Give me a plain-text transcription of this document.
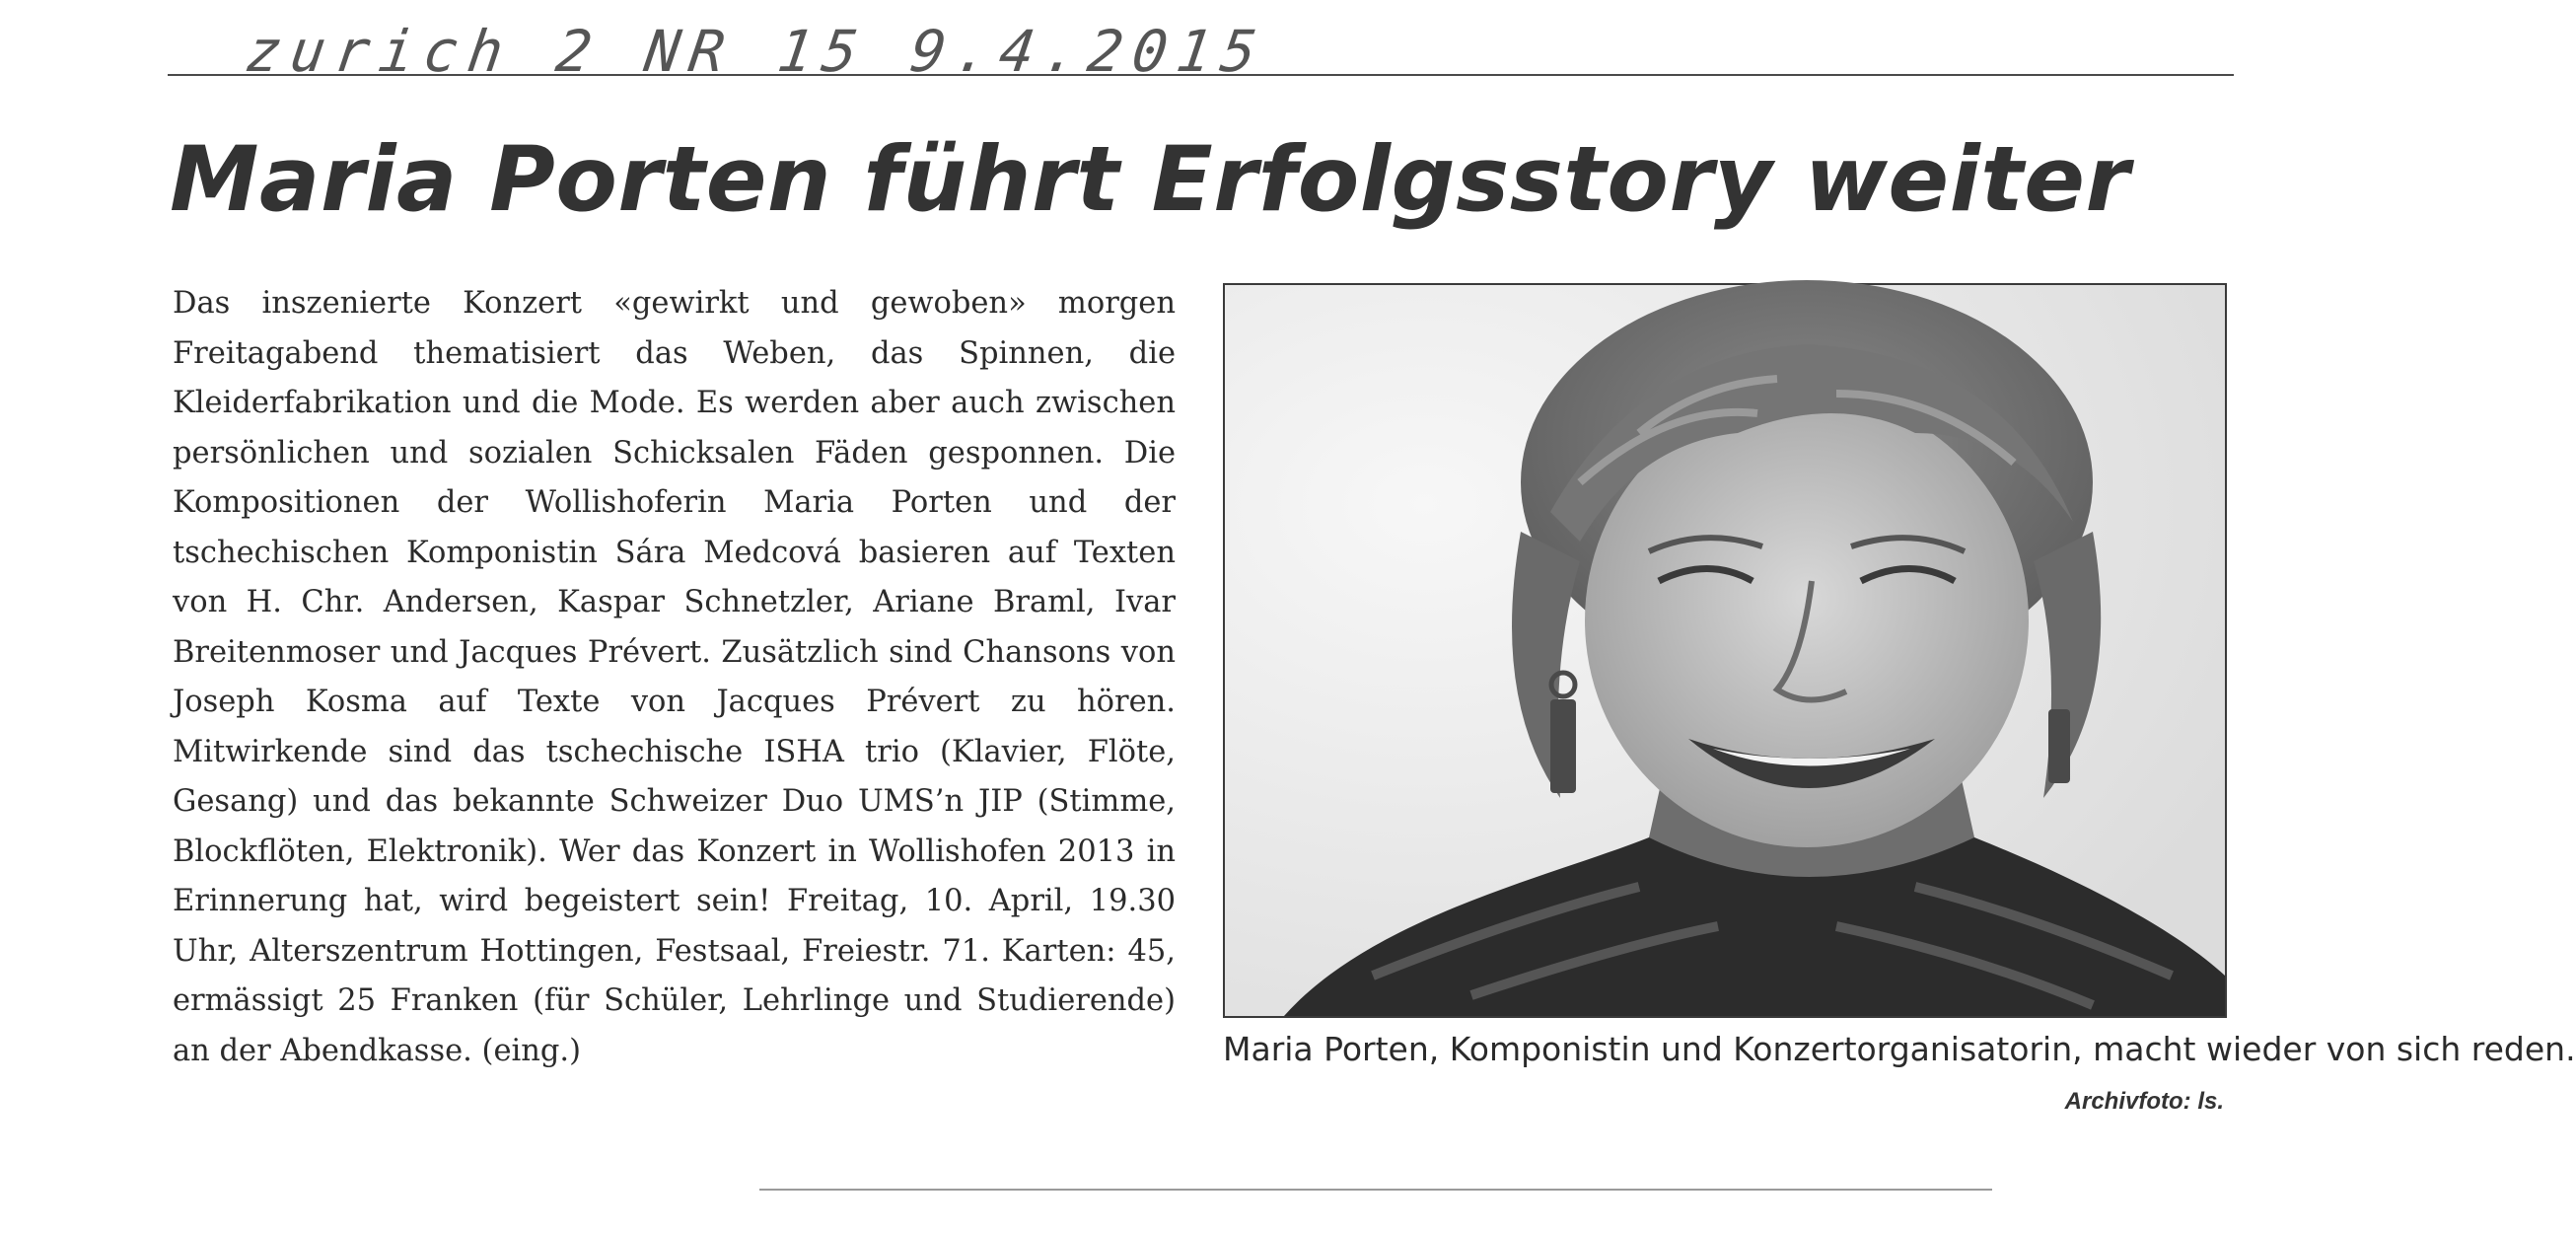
zurich 2 NR 15 9.4.2015
Maria Porten führt Erfolgsstory weiter

Das inszenierte Konzert «gewirkt und gewoben» morgen Freitagabend thematisiert das Weben, das Spinnen, die Kleiderfabrikation und die Mode. Es werden aber auch zwischen persönlichen und sozialen Schicksalen Fäden gesponnen. Die Kompositionen der Wollishoferin Maria Porten und der tschechischen Komponistin Sára Medcová basieren auf Texten von H. Chr. Andersen, Kaspar Schnetzler, Ariane Braml, Ivar Breitenmoser und Jacques Prévert. Zusätzlich sind Chansons von Joseph Kosma auf Texte von Jacques Prévert zu hören. Mitwirkende sind das tschechische ISHA trio (Klavier, Flöte, Gesang) und das bekannte Schweizer Duo UMS’n JIP (Stimme, Blockflöten, Elektronik). Wer das Konzert in Wollishofen 2013 in Erinnerung hat, wird begeistert sein! Freitag, 10. April, 19.30 Uhr, Alterszentrum Hottingen, Festsaal, Freiestr. 71. Karten: 45, ermässigt 25 Franken (für Schüler, Lehrlinge und Studierende) an der Abendkasse. (eing.)	Maria Porten, Komponistin und Konzertorganisatorin, macht wieder von sich reden.

Archivfoto: ls.
